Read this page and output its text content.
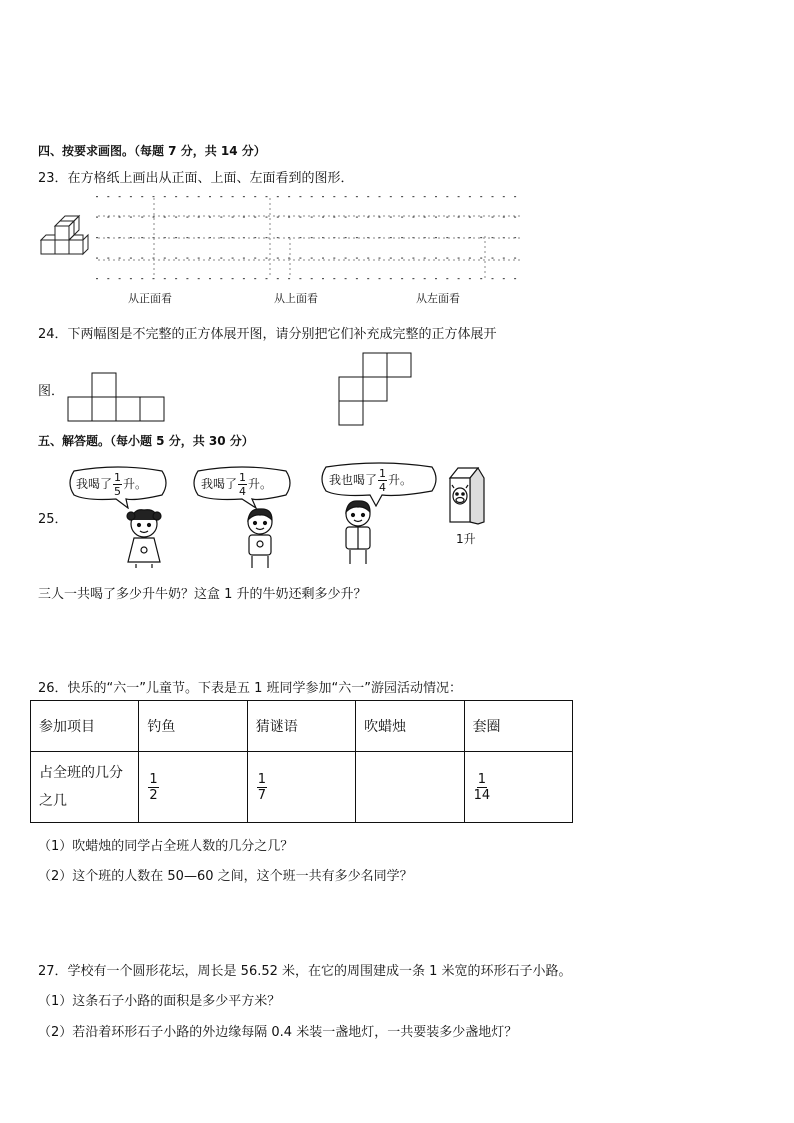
四、按要求画图。（每题 7 分，共 14 分）
23．在方格纸上画出从正面、上面、左面看到的图形．
从正面看	从上面看	从左面看
24．下两幅图是不完整的正方体展开图，请分别把它们补充成完整的正方体展开
图．
五、解答题。（每小题 5 分，共 30 分）
25．
我喝了 $\frac{1}{5}$ 升。	我喝了 $\frac{1}{4}$ 升。	我也喝了 $\frac{1}{4}$ 升。
1升
三人一共喝了多少升牛奶？这盒 1 升的牛奶还剩多少升？
26．快乐的“六一”儿童节。下表是五 1 班同学参加“六一”游园活动情况：
参加项目	钓鱼	猜谜语	吹蜡烛	套圈
占全班的几分
之几	$\frac{1}{2}$	$\frac{1}{7}$		$\frac{1}{14}$
（1）吹蜡烛的同学占全班人数的几分之几？
（2）这个班的人数在 50—60 之间，这个班一共有多少名同学？
27．学校有一个圆形花坛，周长是 56.52 米，在它的周围建成一条 1 米宽的环形石子小路。
（1）这条石子小路的面积是多少平方米？
（2）若沿着环形石子小路的外边缘每隔 0.4 米装一盏地灯，一共要装多少盏地灯？
